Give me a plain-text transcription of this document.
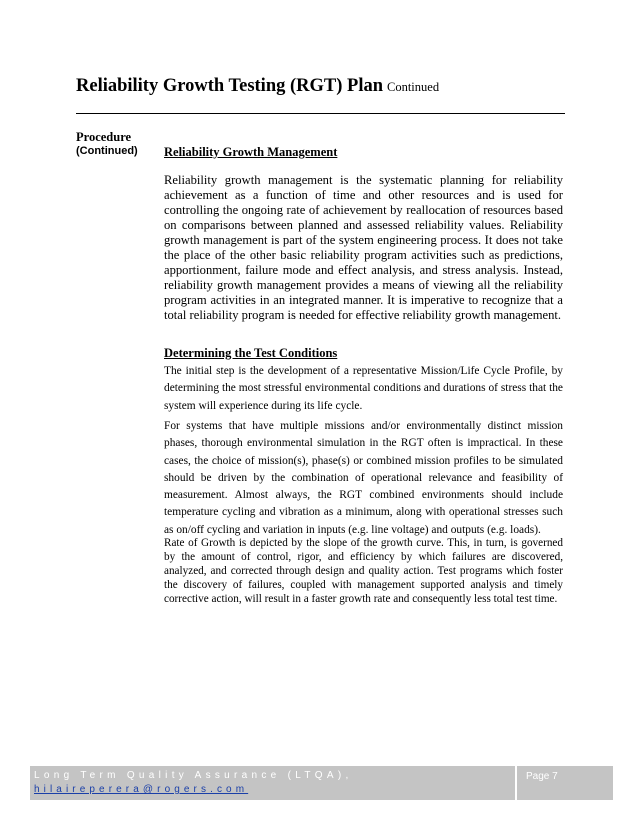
Reliability Growth Testing (RGT) Plan Continued
Procedure
(Continued) Reliability Growth Management

Reliability growth management is the systematic planning for reliability achievement as a function of time and other resources and is used for controlling the ongoing rate of achievement by reallocation of resources based on comparisons between planned and assessed reliability values. Reliability growth management is part of the system engineering process. It does not take the place of the other basic reliability program activities such as predictions, apportionment, failure mode and effect analysis, and stress analysis. Instead, reliability growth management provides a means of viewing all the reliability program activities in an integrated manner. It is imperative to recognize that a total reliability program is needed for effective reliability growth management.

Determining the Test Conditions

The initial step is the development of a representative Mission/Life Cycle Profile, by determining the most stressful environmental conditions and durations of stress that the system will experience during its life cycle.

For systems that have multiple missions and/or environmentally distinct mission phases, thorough environmental simulation in the RGT often is impractical. In these cases, the choice of mission(s), phase(s) or combined mission profiles to be simulated should be driven by the combination of operational relevance and feasibility of measurement. Almost always, the RGT combined environments should include temperature cycling and vibration as a minimum, along with operational stresses such as on/off cycling and variation in inputs (e.g. line voltage) and outputs (e.g. loads).

Rate of Growth is depicted by the slope of the growth curve. This, in turn, is governed by the amount of control, rigor, and efficiency by which failures are discovered, analyzed, and corrected through design and quality action. Test programs which foster the discovery of failures, coupled with management supported analysis and timely corrective action, will result in a faster growth rate and consequently less total test time.

Long Term Quality Assurance (LTQA),
hilaireperera@rogers.com
Page 7
